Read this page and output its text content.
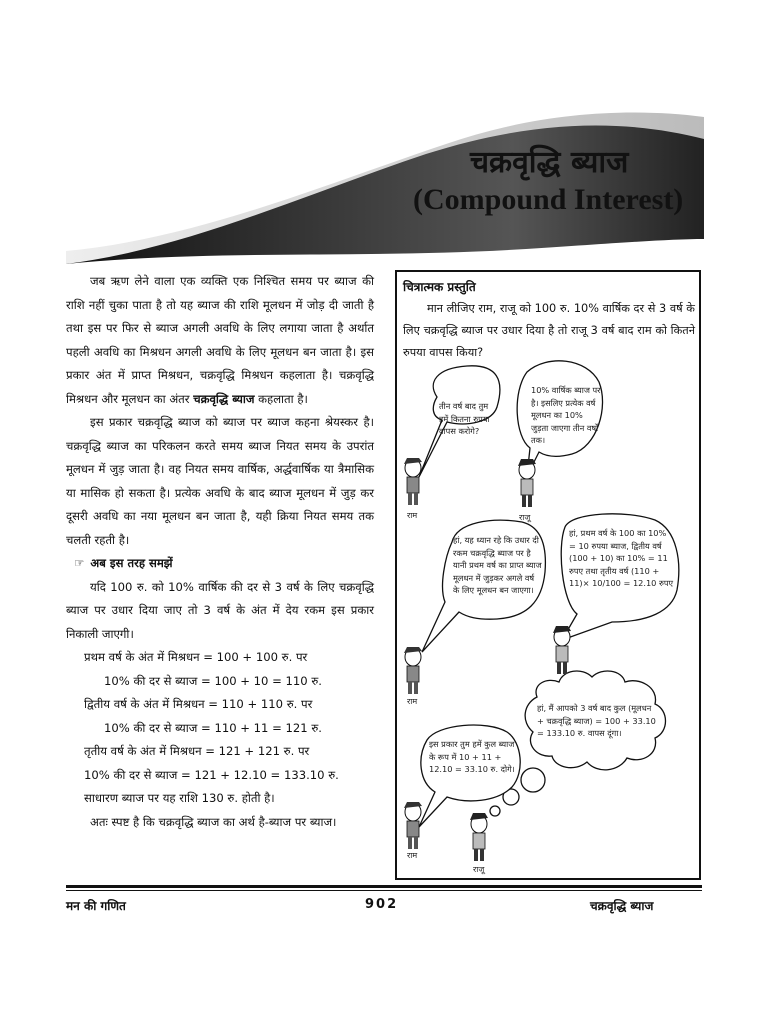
चक्रवृद्धि ब्याज
(Compound Interest)

जब ऋण लेने वाला एक व्यक्ति एक निश्चित समय पर ब्याज की राशि नहीं चुका पाता है तो यह ब्याज की राशि मूलधन में जोड़ दी जाती है तथा इस पर फिर से ब्याज अगली अवधि के लिए लगाया जाता है अर्थात पहली अवधि का मिश्रधन अगली अवधि के लिए मूलधन बन जाता है। इस प्रकार अंत में प्राप्त मिश्रधन, चक्रवृद्धि मिश्रधन कहलाता है। चक्रवृद्धि मिश्रधन और मूलधन का अंतर चक्रवृद्धि ब्याज कहलाता है।

इस प्रकार चक्रवृद्धि ब्याज को ब्याज पर ब्याज कहना श्रेयस्कर है। चक्रवृद्धि ब्याज का परिकलन करते समय ब्याज नियत समय के उपरांत मूलधन में जुड़ जाता है। वह नियत समय वार्षिक, अर्द्धवार्षिक या त्रैमासिक या मासिक हो सकता है। प्रत्येक अवधि के बाद ब्याज मूलधन में जुड़ कर दूसरी अवधि का नया मूलधन बन जाता है, यही क्रिया नियत समय तक चलती रहती है।

☞ अब इस तरह समझें

यदि 100 रु. को 10% वार्षिक की दर से 3 वर्ष के लिए चक्रवृद्धि ब्याज पर उधार दिया जाए तो 3 वर्ष के अंत में देय रकम इस प्रकार निकाली जाएगी।

प्रथम वर्ष के अंत में मिश्रधन = 100 + 100 रु. पर

10% की दर से ब्याज = 100 + 10 = 110 रु.

द्वितीय वर्ष के अंत में मिश्रधन = 110 + 110 रु. पर

10% की दर से ब्याज = 110 + 11 = 121 रु.

तृतीय वर्ष के अंत में मिश्रधन = 121 + 121 रु. पर

10% की दर से ब्याज = 121 + 12.10 = 133.10 रु.

साधारण ब्याज पर यह राशि 130 रु. होती है।

अतः स्पष्ट है कि चक्रवृद्धि ब्याज का अर्थ है-ब्याज पर ब्याज।

चित्रात्मक प्रस्तुति
मान लीजिए राम, राजू को 100 रु. 10% वार्षिक दर से 3 वर्ष के लिए चक्रवृद्धि ब्याज पर उधार दिया है तो राजू 3 वर्ष बाद राम को कितने रुपया वापस किया?
तीन वर्ष बाद तुम हमें कितना रुपया वापस करोगे?
10% वार्षिक ब्याज पर है। इसलिए प्रत्येक वर्ष मूलधन का 10% जुड़ता जाएगा तीन वर्षों तक।
हां, यह ध्यान रहे कि उधार दी रकम चक्रवृद्धि ब्याज पर है यानी प्रथम वर्ष का प्राप्त ब्याज मूलधन में जुड़कर अगले वर्ष के लिए मूलधन बन जाएगा।
हां, प्रथम वर्ष के 100 का 10% = 10 रुपया ब्याज, द्वितीय वर्ष (100 + 10) का 10% = 11 रुपए तथा तृतीय वर्ष (110 + 11)× 10/100 = 12.10 रुपए
हां, मैं आपको 3 वर्ष बाद कुल (मूलधन + चक्रवृद्धि ब्याज) = 100 + 33.10 = 133.10 रु. वापस दूंगा।
इस प्रकार तुम हमें कुल ब्याज के रूप में 10 + 11 + 12.10 = 33.10 रु. दोगे।
राम	राजू
राम
राम
राजू
मन की गणित	902	चक्रवृद्धि ब्याज
